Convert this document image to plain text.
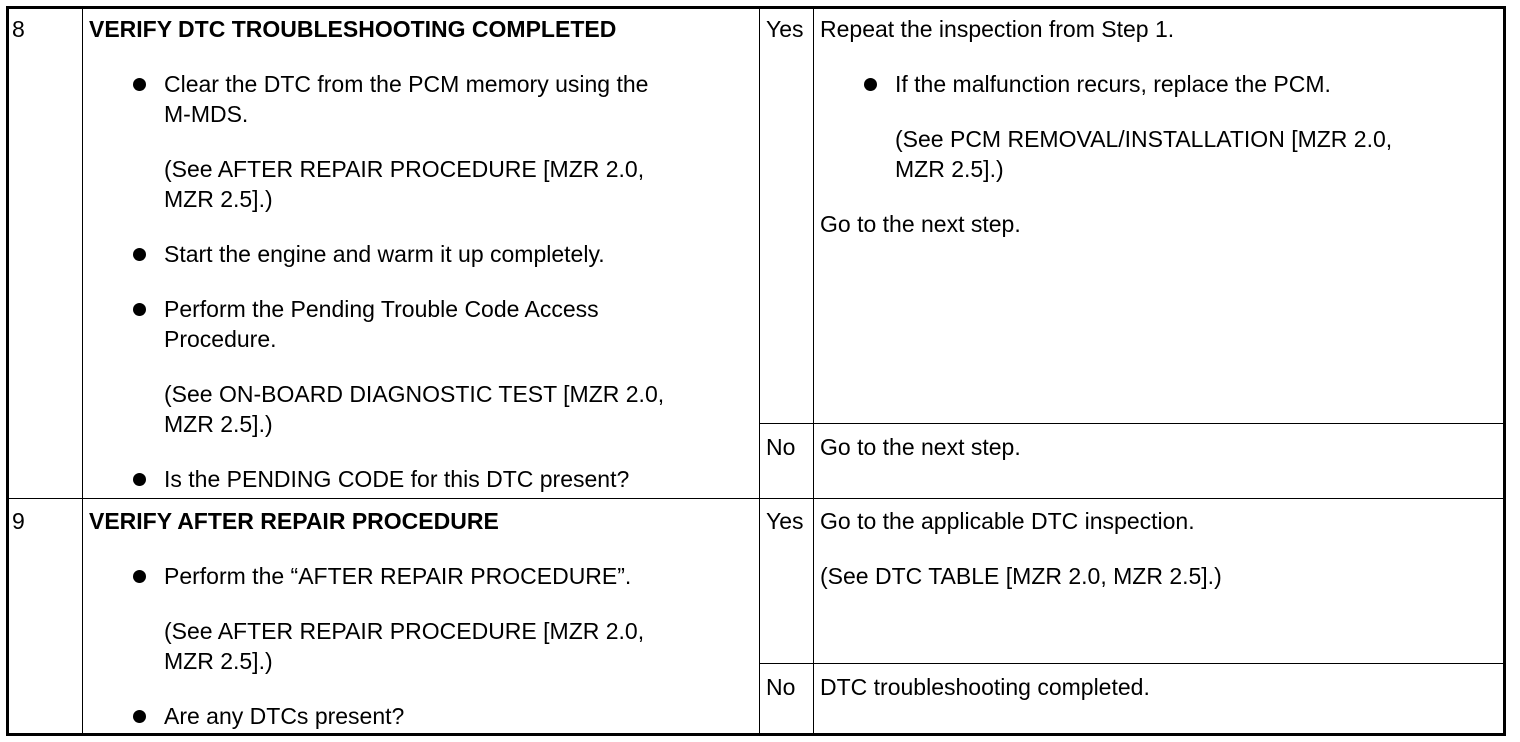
8	VERIFY DTC TROUBLESHOOTING COMPLETED
Clear the DTC from the PCM memory using the
M-MDS.
(See AFTER REPAIR PROCEDURE [MZR 2.0,
MZR 2.5].)
Start the engine and warm it up completely.
Perform the Pending Trouble Code Access
Procedure.
(See ON-BOARD DIAGNOSTIC TEST [MZR 2.0,
MZR 2.5].)
Is the PENDING CODE for this DTC present?
Yes Repeat the inspection from Step 1.
If the malfunction recurs, replace the PCM.
(See PCM REMOVAL/INSTALLATION [MZR 2.0,
MZR 2.5].)
Go to the next step.
No Go to the next step.
9	VERIFY AFTER REPAIR PROCEDURE
Perform the “AFTER REPAIR PROCEDURE”.
(See AFTER REPAIR PROCEDURE [MZR 2.0,
MZR 2.5].)
Are any DTCs present?
Yes Go to the applicable DTC inspection.
(See DTC TABLE [MZR 2.0, MZR 2.5].)
No DTC troubleshooting completed.
